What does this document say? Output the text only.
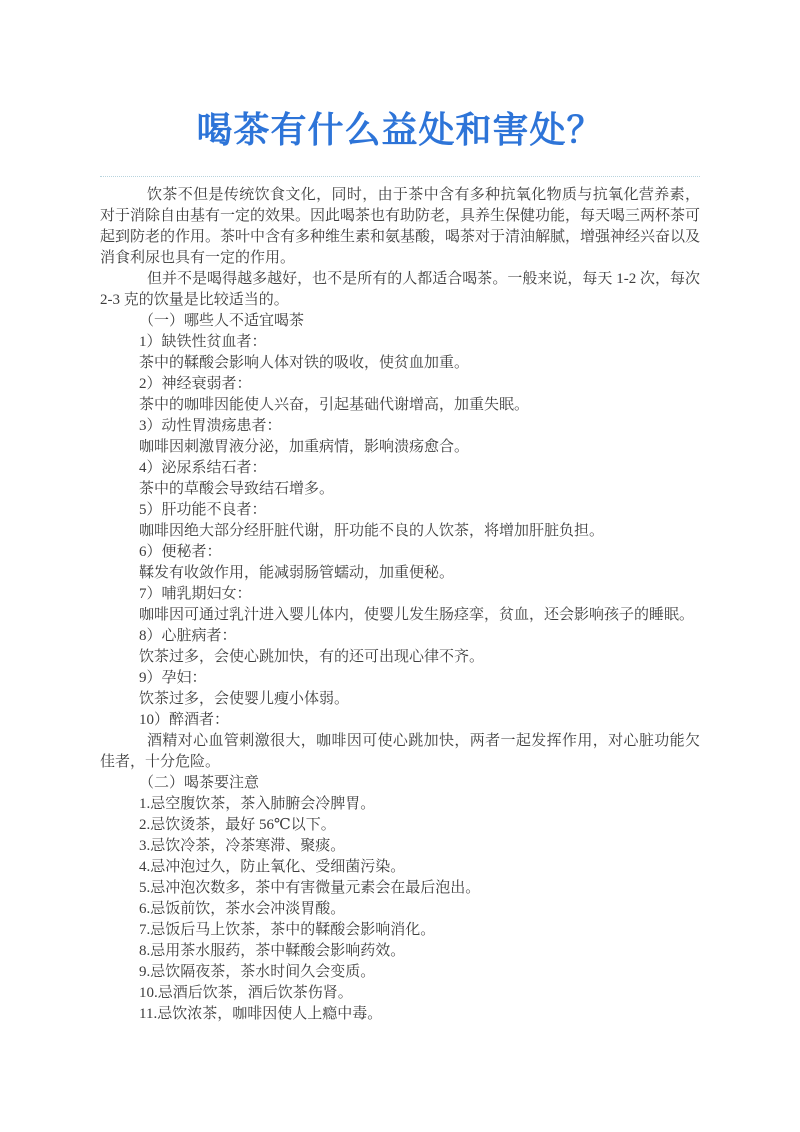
喝茶有什么益处和害处？

饮茶不但是传统饮食文化，同时，由于茶中含有多种抗氧化物质与抗氧化营养素，对于消除自由基有一定的效果。因此喝茶也有助防老，具养生保健功能，每天喝三两杯茶可起到防老的作用。茶叶中含有多种维生素和氨基酸，喝茶对于清油解腻，增强神经兴奋以及消食利尿也具有一定的作用。

但并不是喝得越多越好，也不是所有的人都适合喝茶。一般来说，每天 1-2 次，每次 2-3 克的饮量是比较适当的。

（一）哪些人不适宜喝茶

1）缺铁性贫血者：

茶中的鞣酸会影响人体对铁的吸收，使贫血加重。

2）神经衰弱者：

茶中的咖啡因能使人兴奋，引起基础代谢增高，加重失眠。

3）动性胃溃疡患者：

咖啡因刺激胃液分泌，加重病情，影响溃疡愈合。

4）泌尿系结石者：

茶中的草酸会导致结石增多。

5）肝功能不良者：

咖啡因绝大部分经肝脏代谢，肝功能不良的人饮茶，将增加肝脏负担。

6）便秘者：

鞣发有收敛作用，能减弱肠管蠕动，加重便秘。

7）哺乳期妇女：

咖啡因可通过乳汁进入婴儿体内，使婴儿发生肠痉挛，贫血，还会影响孩子的睡眠。

8）心脏病者：

饮茶过多，会使心跳加快，有的还可出现心律不齐。

9）孕妇：

饮茶过多，会使婴儿瘦小体弱。

10）醉酒者：

酒精对心血管刺激很大，咖啡因可使心跳加快，两者一起发挥作用，对心脏功能欠佳者，十分危险。

（二）喝茶要注意

1.忌空腹饮茶，茶入肺腑会冷脾胃。

2.忌饮烫茶，最好 56℃以下。

3.忌饮冷茶，冷茶寒滞、聚痰。

4.忌冲泡过久，防止氧化、受细菌污染。

5.忌冲泡次数多，茶中有害微量元素会在最后泡出。

6.忌饭前饮，茶水会冲淡胃酸。

7.忌饭后马上饮茶，茶中的鞣酸会影响消化。

8.忌用茶水服药，茶中鞣酸会影响药效。

9.忌饮隔夜茶，茶水时间久会变质。

10.忌酒后饮茶，酒后饮茶伤肾。

11.忌饮浓茶，咖啡因使人上瘾中毒。
